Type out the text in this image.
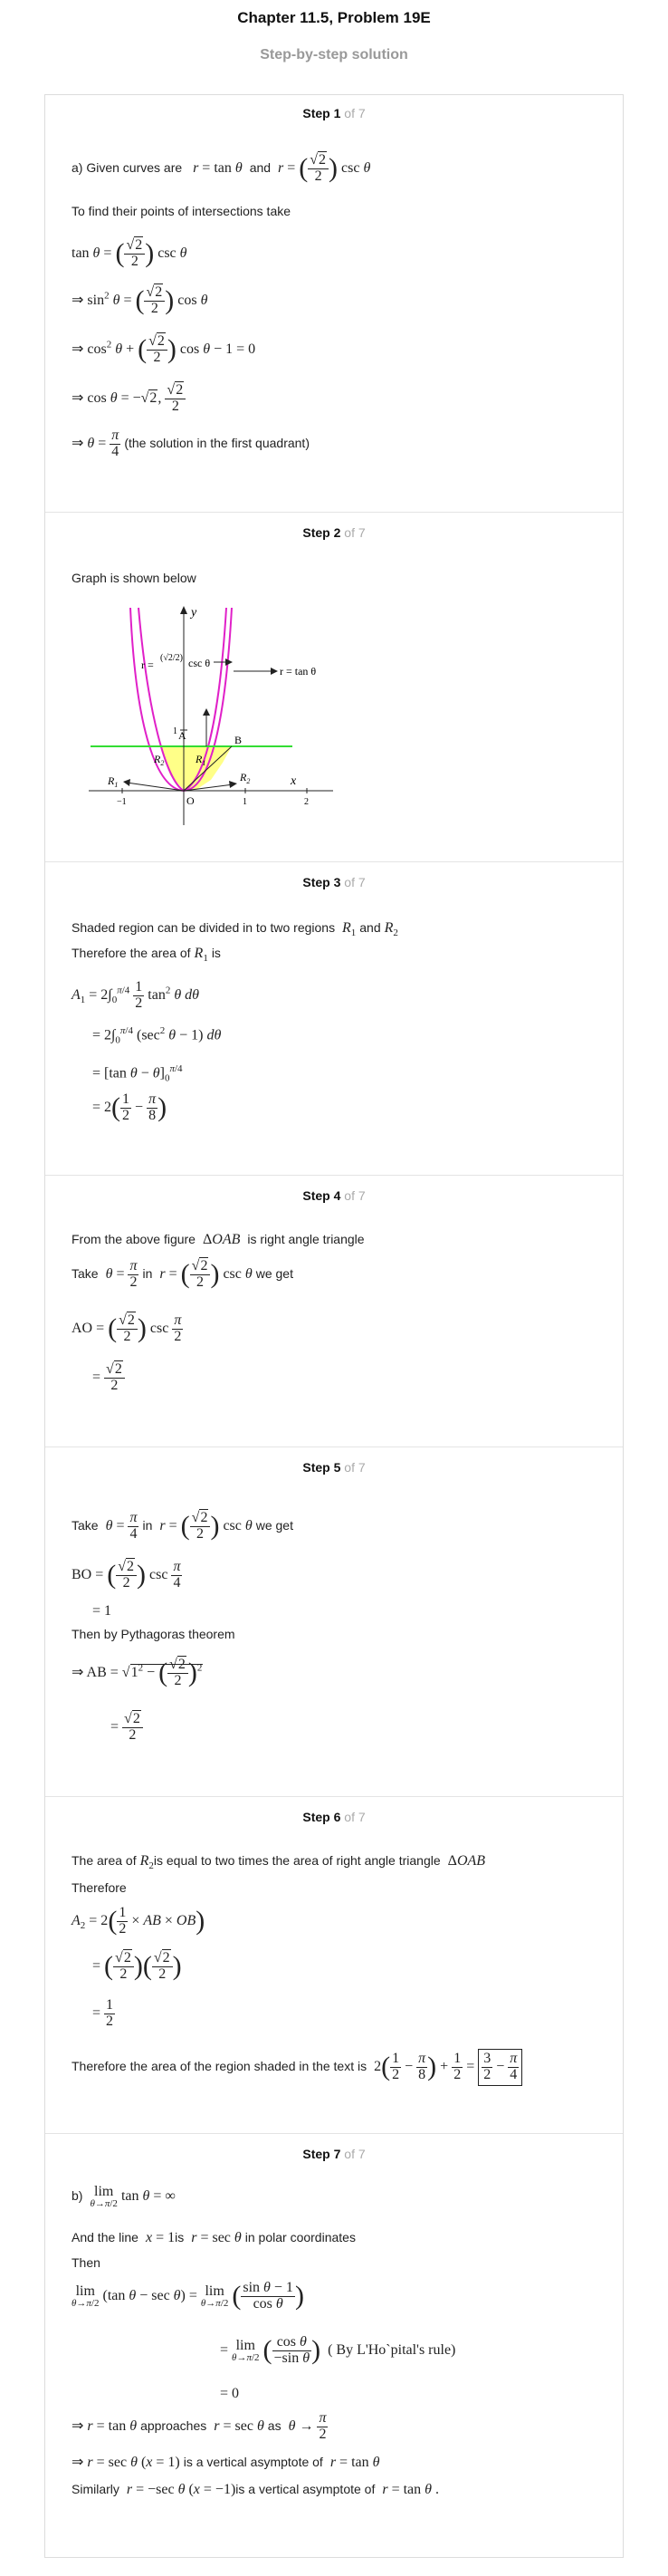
Chapter 11.5, Problem 19E
Step-by-step solution
Step 1 of 7
a) Given curves are r = tan θ and r = ( $\frac{√2}{2}$ ) csc θ
To find their points of intersections take
tan θ = ( $\frac{√2}{2}$ ) csc θ
⇒ $\sin^2 \theta$ = ( $\frac{√2}{2}$ ) cos θ
⇒ $\cos^2 \theta$ + ( $\frac{√2}{2}$ ) cos θ − 1 = 0
⇒ cos θ = −√2, $\frac{√2}{2}$
⇒ $\theta = \frac{\pi}{4} (the$ solution in the first quadrant)
Step 2 of 7
Graph is shown below
y
x
r =
(√2/2) csc θ
r = tan θ
A	B
O
$R_2$	$R_1$
$R_1$
$R_2$
−1	1	2
1
Step 3 of 7
Shaded region can be divided in to two regions $R_1$ and $R_2$
Therefore the area of $R_1$ is
$A_1 = 2\int_0^{\pi/4} \frac{1}{2} \tan^2 \theta$ dθ
= $2\int_0^{\pi/4}$ ($\sec^2$ θ − 1) dθ
= [tan $\theta - \theta]_0^{\pi/4}$
= $2( \frac{1}{2} - \frac{\pi}{8}$ )
Step 4 of 7
From the above figure  ΔOAB is right angle triangle
Take $\theta = \frac{\pi}{2}$ in r = ( $\frac{√2}{2}$ ) csc θ we get
AO = ( $\frac{√2}{2}$ ) $\csc \frac{\pi}{2}$
= $\frac{√2}{2}$
Step 5 of 7
Take $\theta = \frac{\pi}{4}$ in r = ( $\frac{√2}{2}$ ) csc θ we get
BO = ( $\frac{√2}{2}$ ) $\csc \frac{\pi}{4}$
= 1
Then by Pythagoras theorem
⇒ AB = $√1^2$ − ( $\frac{√2}{2} )^2$
= $\frac{√2}{2}$
Step 6 of 7
The area of $R_2is$ equal to two times the area of right angle triangle  ΔOAB
Therefore
$A_2 = 2( \frac{1}{2}$ × AB × OB)
= ( $\frac{√2}{2}$ )( $\frac{√2}{2}$ )
= $\frac{1}{2}$
Therefore the area of the region shaded in the text is  $2( \frac{1}{2} - \frac{\pi}{8}$ ) + $\frac{1}{2} = \frac{3}{2} - \frac{\pi}{4}$
Step 7 of 7
b) lim
θ→π/2 tan θ = ∞
And the line x = 1is r = sec θ in polar coordinates
Then
lim
θ→π/2 (tan θ − sec θ) = lim
θ→π/2 ( $\frac{\text{sin θ − 1}}{\text{cos θ}}$ )
= lim
θ→π/2 ( $\frac{\text{cos θ}}{\text{−sin θ}}$ ) ( By L'Ho`pital's rule)
= 0
⇒ r = tan θ approaches r = sec θ as $\theta \to \frac{\pi}{2}$
⇒ r = sec θ (x = 1) is a vertical asymptote of r = tan θ
Similarly r = −sec θ (x = −1)is a vertical asymptote of r = tan θ .
